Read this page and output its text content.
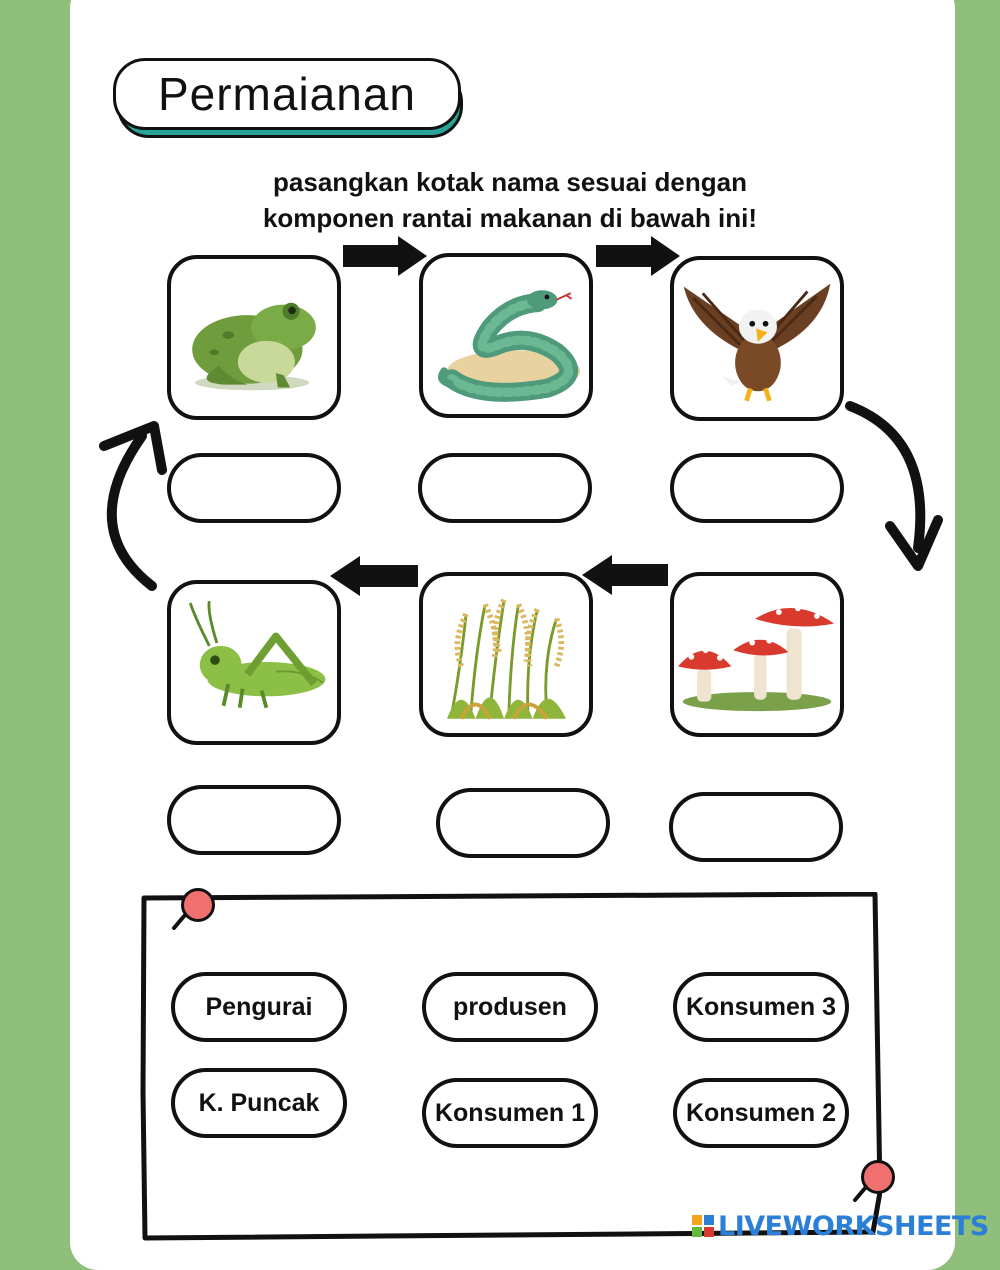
Permaianan
pasangkan kotak nama sesuai dengan
komponen rantai makanan di bawah ini!
Pengurai	produsen	Konsumen 3
K. Puncak	Konsumen 1	Konsumen 2
LIVEWORKSHEETS
